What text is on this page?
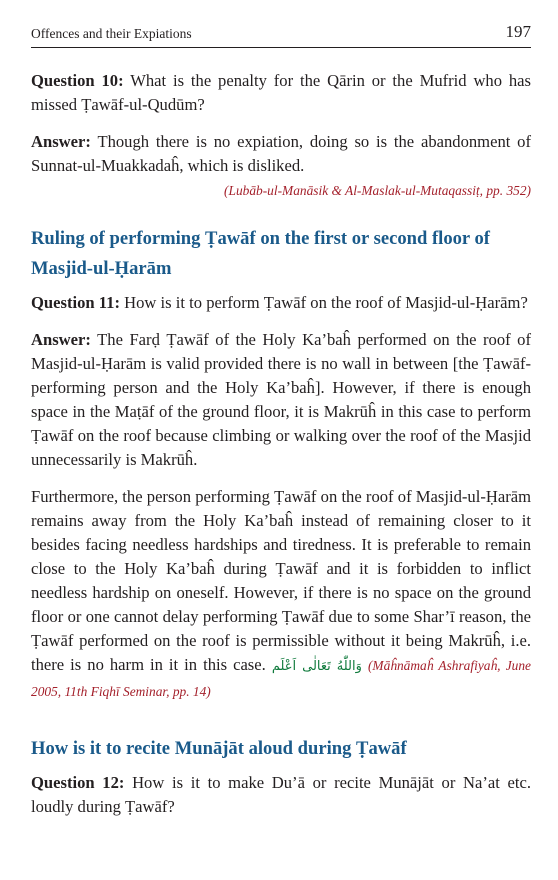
Offences and their Expiations	197

Question 10: What is the penalty for the Qārin or the Mufrid who has missed Ṭawāf-ul-Qudūm?

Answer: Though there is no expiation, doing so is the abandonment of Sunnat-ul-Muakkadaĥ, which is disliked.

(Lubāb-ul-Manāsik & Al-Maslak-ul-Mutaqassiṭ, pp. 352)
Ruling of performing Ṭawāf on the first or second floor of Masjid-ul-Ḥarām

Question 11: How is it to perform Ṭawāf on the roof of Masjid-ul-Ḥarām?

Answer: The Farḍ Ṭawāf of the Holy Ka’baĥ performed on the roof of Masjid-ul-Ḥarām is valid provided there is no wall in between [the Ṭawāf-performing person and the Holy Ka’baĥ]. However, if there is enough space in the Maṭāf of the ground floor, it is Makrūĥ in this case to perform Ṭawāf on the roof because climbing or walking over the roof of the Masjid unnecessarily is Makrūĥ.

Furthermore, the person performing Ṭawāf on the roof of Masjid-ul-Ḥarām remains away from the Holy Ka’baĥ instead of remaining closer to it besides facing needless hardships and tiredness. It is preferable to remain close to the Holy Ka’baĥ during Ṭawāf and it is forbidden to inflict needless hardship on oneself. However, if there is no space on the ground floor or one cannot delay performing Ṭawāf due to some Shar’ī reason, the Ṭawāf performed on the roof is permissible without it being Makrūĥ, i.e. there is no harm in it in this case. وَاللّٰهُ تَعَالٰى اَعْلَم (Māĥnāmaĥ Ashrafiyaĥ, June 2005, 11th Fiqhī Seminar, pp. 14)

How is it to recite Munājāt aloud during Ṭawāf

Question 12: How is it to make Du’ā or recite Munājāt or Na’at etc. loudly during Ṭawāf?
